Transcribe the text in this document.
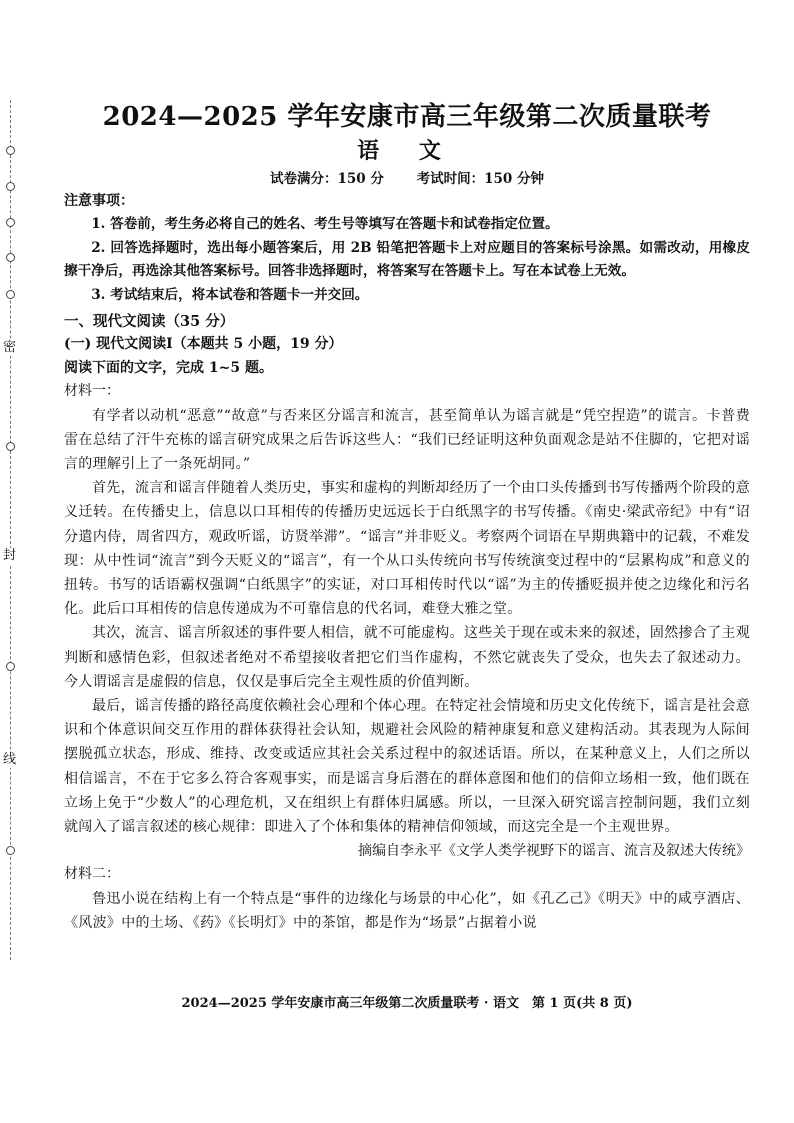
密
封
线
2024—2025 学年安康市高三年级第二次质量联考
语 文
试卷满分：150 分 考试时间：150 分钟
注意事项：

1. 答卷前，考生务必将自己的姓名、考生号等填写在答题卡和试卷指定位置。

2. 回答选择题时，选出每小题答案后，用 2B 铅笔把答题卡上对应题目的答案标号涂黑。如需改动，用橡皮擦干净后，再选涂其他答案标号。回答非选择题时，将答案写在答题卡上。写在本试卷上无效。

3. 考试结束后，将本试卷和答题卡一并交回。

一、现代文阅读（35 分）
(一) 现代文阅读Ⅰ（本题共 5 小题，19 分）
阅读下面的文字，完成 1~5 题。
材料一：

有学者以动机“恶意”“故意”与否来区分谣言和流言，甚至简单认为谣言就是“凭空捏造”的谎言。卡普费雷在总结了汗牛充栋的谣言研究成果之后告诉这些人：“我们已经证明这种负面观念是站不住脚的，它把对谣言的理解引上了一条死胡同。”

首先，流言和谣言伴随着人类历史，事实和虚构的判断却经历了一个由口头传播到书写传播两个阶段的意义迁转。在传播史上，信息以口耳相传的传播历史远远长于白纸黑字的书写传播。《南史·梁武帝纪》中有“诏分遣内侍，周省四方，观政听谣，访贤举滞”。“谣言”并非贬义。考察两个词语在早期典籍中的记载，不难发现：从中性词“流言”到今天贬义的“谣言”，有一个从口头传统向书写传统演变过程中的“层累构成”和意义的扭转。书写的话语霸权强调“白纸黑字”的实证，对口耳相传时代以“谣”为主的传播贬损并使之边缘化和污名化。此后口耳相传的信息传递成为不可靠信息的代名词，难登大雅之堂。

其次，流言、谣言所叙述的事件要人相信，就不可能虚构。这些关于现在或未来的叙述，固然掺合了主观判断和感情色彩，但叙述者绝对不希望接收者把它们当作虚构，不然它就丧失了受众，也失去了叙述动力。今人谓谣言是虚假的信息，仅仅是事后完全主观性质的价值判断。

最后，谣言传播的路径高度依赖社会心理和个体心理。在特定社会情境和历史文化传统下，谣言是社会意识和个体意识间交互作用的群体获得社会认知，规避社会风险的精神康复和意义建构活动。其表现为人际间摆脱孤立状态，形成、维持、改变或适应其社会关系过程中的叙述话语。所以，在某种意义上，人们之所以相信谣言，不在于它多么符合客观事实，而是谣言身后潜在的群体意图和他们的信仰立场相一致，他们既在立场上免于“少数人”的心理危机，又在组织上有群体归属感。所以，一旦深入研究谣言控制问题，我们立刻就闯入了谣言叙述的核心规律：即进入了个体和集体的精神信仰领域，而这完全是一个主观世界。

摘编自李永平《文学人类学视野下的谣言、流言及叙述大传统》

材料二：

鲁迅小说在结构上有一个特点是“事件的边缘化与场景的中心化”，如《孔乙己》《明天》中的咸亨酒店、《风波》中的土场、《药》《长明灯》中的茶馆，都是作为“场景”占据着小说

2024—2025 学年安康市高三年级第二次质量联考 · 语文　第 1 页(共 8 页)
